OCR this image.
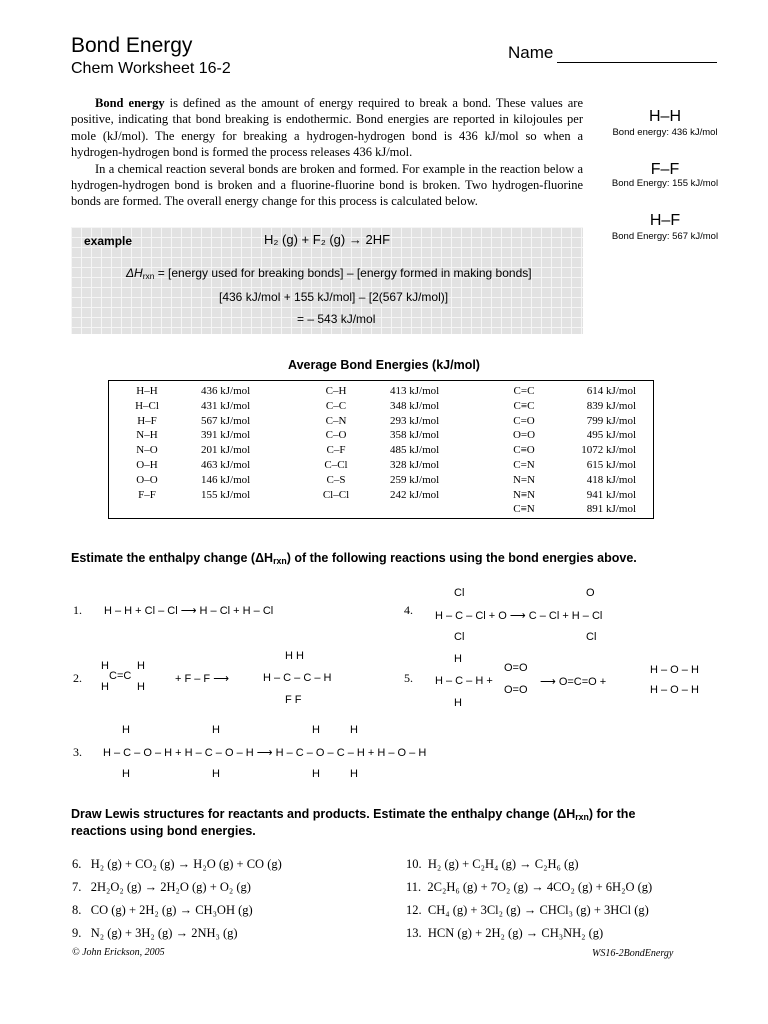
Bond Energy
Chem Worksheet 16-2
Name

Bond energy is defined as the amount of energy required to break a bond. These values are positive, indicating that bond breaking is endothermic. Bond energies are reported in kilojoules per mole (kJ/mol). The energy for breaking a hydrogen-hydrogen bond is 436 kJ/mol so when a hydrogen-hydrogen bond is formed the process releases 436 kJ/mol.

In a chemical reaction several bonds are broken and formed. For example in the reaction below a hydrogen-hydrogen bond is broken and a fluorine-fluorine bond is broken. Two hydrogen-fluorine bonds are formed. The overall energy change for this process is calculated below.

H–H
Bond energy: 436 kJ/mol
F–F
Bond Energy: 155 kJ/mol
H–F
Bond Energy: 567 kJ/mol
example	H₂ (g) + F₂ (g) → 2HF
$\Delta H_{rxn}$ = [energy used for breaking bonds] – [energy formed in making bonds]
[436 kJ/mol + 155 kJ/mol] – [2(567 kJ/mol)]
= – 543 kJ/mol
Average Bond Energies (kJ/mol)
H–H
H–Cl
H–F
N–H
N–O
O–H
O–O
F–F
436 kJ/mol
431 kJ/mol
567 kJ/mol
391 kJ/mol
201 kJ/mol
463 kJ/mol
146 kJ/mol
155 kJ/mol
C–H
C–C
C–N
C–O
C–F
C–Cl
C–S
Cl–Cl
413 kJ/mol
348 kJ/mol
293 kJ/mol
358 kJ/mol
485 kJ/mol
328 kJ/mol
259 kJ/mol
242 kJ/mol
C=C
C≡C
C=O
O=O
C≡O
C=N
N=N
N≡N
C≡N
614 kJ/mol
839 kJ/mol
799 kJ/mol
495 kJ/mol
1072 kJ/mol
615 kJ/mol
418 kJ/mol
941 kJ/mol
891 kJ/mol
Estimate the enthalpy change $(\Delta H_{rxn})$ of the following reactions using the bond energies above.
1. H – H + Cl – Cl ⟶ H – Cl + H – Cl
2.
H
H
C=C
H
H
+ F – F ⟶
H H
H – C – C – H
F F
3.
H
H – C – O – H + H – C – O – H ⟶ H – C – O – C – H + H – O – H
H
H
H
H
H
H
H
4.
Cl
H – C – Cl + O ⟶ C – Cl + H – Cl
Cl
O
Cl
5.
H
H – C – H +
H
O=O
O=O
⟶ O=C=O +
H – O – H
H – O – H
Draw Lewis structures for reactants and products. Estimate the enthalpy change $(\Delta H_{rxn})$ for the
reactions using bond energies.
6. H₂ (g) + CO₂ (g) → H₂O (g) + CO (g)
7. 2H₂O₂ (g) → 2H₂O (g) + O₂ (g)
8. CO (g) + 2H₂ (g) → CH₃OH (g)
9. N₂ (g) + 3H₂ (g) → 2NH₃ (g)
10. H₂ (g) + C₂H₄ (g) → C₂H₆ (g)
11. 2C₂H₆ (g) + 7O₂ (g) → 4CO₂ (g) + 6H₂O (g)
12. CH₄ (g) + 3Cl₂ (g) → CHCl₃ (g) + 3HCl (g)
13. HCN (g) + 2H₂ (g) → CH₃NH₂ (g)
© John Erickson, 2005	WS16-2BondEnergy
